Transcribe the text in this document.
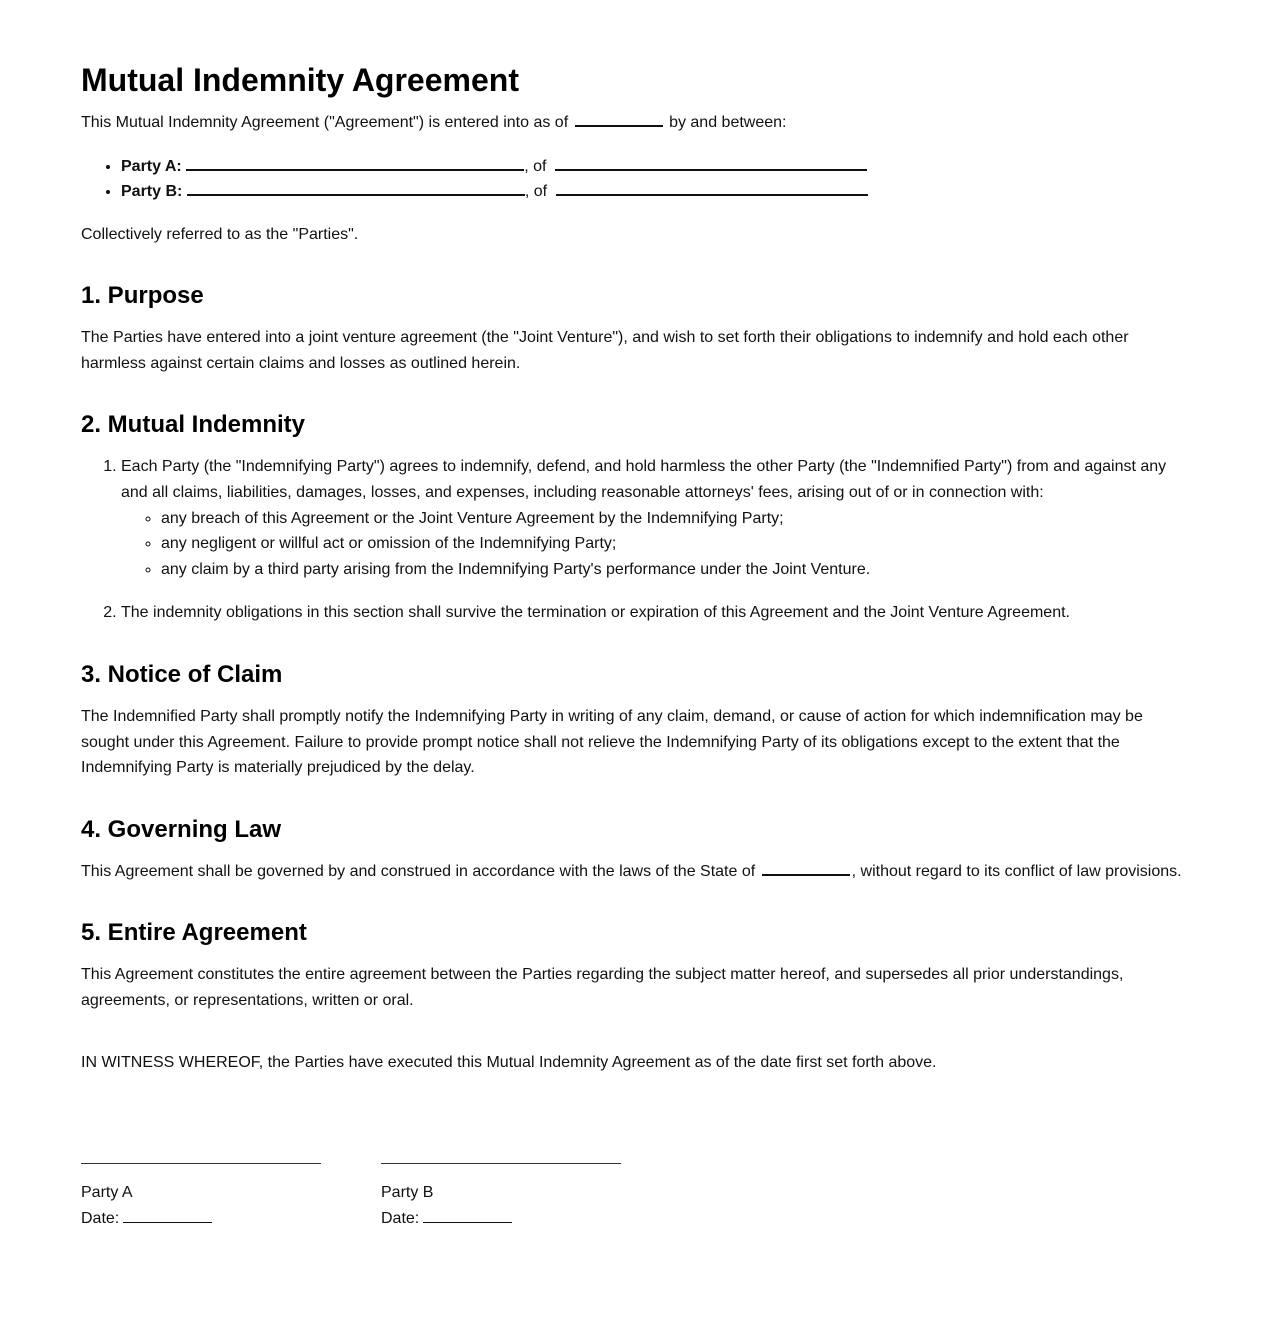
Mutual Indemnity Agreement

This Mutual Indemnity Agreement ("Agreement") is entered into as of	by and between:

• Party A:	, of
• Party B:	, of

Collectively referred to as the "Parties".

1. Purpose

The Parties have entered into a joint venture agreement (the "Joint Venture"), and wish to set forth their obligations to indemnify and hold each other harmless against certain claims and losses as outlined herein.

2. Mutual Indemnity
1. Each Party (the "Indemnifying Party") agrees to indemnify, defend, and hold harmless the other Party (the "Indemnified Party") from and against any and all claims, liabilities, damages, losses, and expenses, including reasonable attorneys' fees, arising out of or in connection with:
◦ any breach of this Agreement or the Joint Venture Agreement by the Indemnifying Party;
◦ any negligent or willful act or omission of the Indemnifying Party;
◦ any claim by a third party arising from the Indemnifying Party's performance under the Joint Venture.
2. The indemnity obligations in this section shall survive the termination or expiration of this Agreement and the Joint Venture Agreement.
3. Notice of Claim

The Indemnified Party shall promptly notify the Indemnifying Party in writing of any claim, demand, or cause of action for which indemnification may be sought under this Agreement. Failure to provide prompt notice shall not relieve the Indemnifying Party of its obligations except to the extent that the Indemnifying Party is materially prejudiced by the delay.

4. Governing Law

This Agreement shall be governed by and construed in accordance with the laws of the State of	, without regard to its conflict of law provisions.

5. Entire Agreement

This Agreement constitutes the entire agreement between the Parties regarding the subject matter hereof, and supersedes all prior understandings, agreements, or representations, written or oral.

IN WITNESS WHEREOF, the Parties have executed this Mutual Indemnity Agreement as of the date first set forth above.

Party A
Date:
Party B
Date:
